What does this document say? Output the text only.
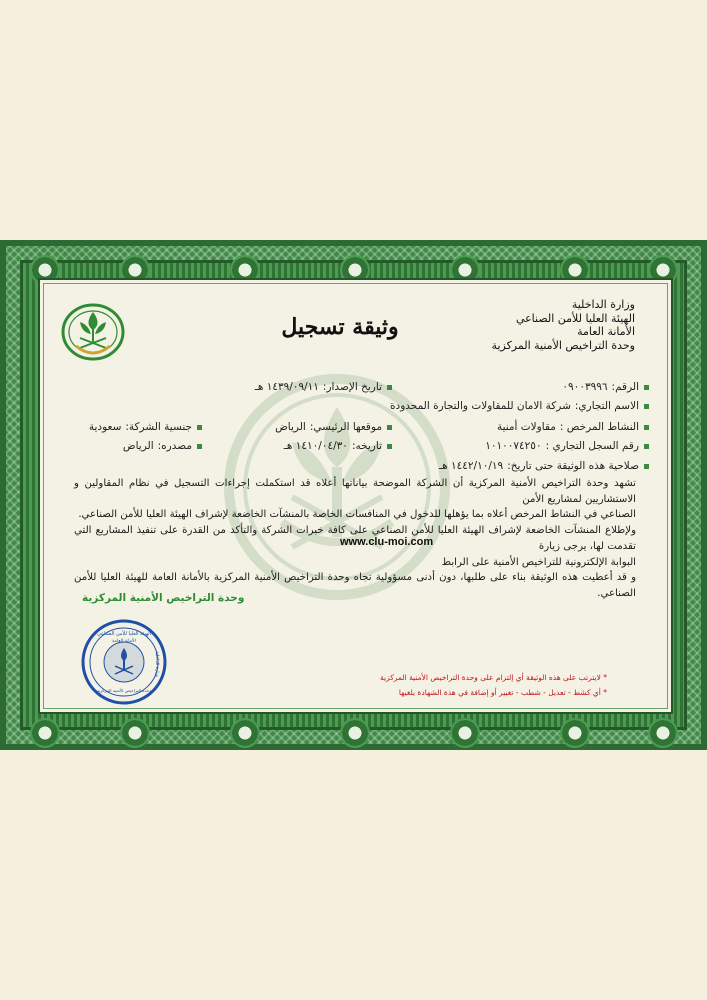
وزارة الداخلية
الهيئة العليا للأمن الصناعي
الأمانة العامة
وحدة التراخيص الأمنية المركزية
وثيقة تسجيل
الرقم:٠٩٠٠٣٩٩٦
الاسم التجاري:شركة الامان للمقاولات والتجارة المحدودة
النشاط المرخص :مقاولات أمنية
رقم السجل التجاري :١٠١٠٠٧٤٢٥٠
صلاحية هذه الوثيقة حتى تاريخ:١٤٤٢/١٠/١٩ هـ
تاريخ الإصدار:١٤٣٩/٠٩/١١ هـ
موقعها الرئيسي:الرياض
تاريخه:١٤١٠/٠٤/٣٠ هـ
جنسية الشركة:سعودية
مصدره:الرياض
تشهد وحدة التراخيص الأمنية المركزية أن الشركة الموضحة بياناتها أعلاه قد استكملت إجراءات التسجيل في نظام المقاولين و الاستشاريين لمشاريع الأمن
الصناعي في النشاط المرخص أعلاه بما يؤهلها للدخول في المنافسات الخاصة بالمنشآت الخاضعة لإشراف الهيئة العليا للأمن الصناعي.
ولإطلاع المنشآت الخاضعة لإشراف الهيئة العليا للأمن الصناعي على كافة خبرات الشركة والتأكد من القدرة على تنفيذ المشاريع التي تقدمت لها، يرجى زيارة
البوابة الإلكترونية للتراخيص الأمنية على الرابط
و قد أعطيت هذه الوثيقة بناء على طلبها، دون أدنى مسؤولية تجاه وحدة التراخيص الأمنية المركزية بالأمانة العامة للهيئة العليا للأمن الصناعي.
www.clu-moi.com
وحدة التراخيص الأمنية المركزية
الهيئة العليا للأمن الصناعي
الأمانة العامة
وحدة التراخيص الأمنية المركزية
وزارة الداخلية
* لايترتب على هذه الوثيقة أي إلتزام على وحدة التراخيص الأمنية المركزية
* أي كشط - تعديل - شطب - تغيير أو إضافة في هذة الشهادة يلغيها
